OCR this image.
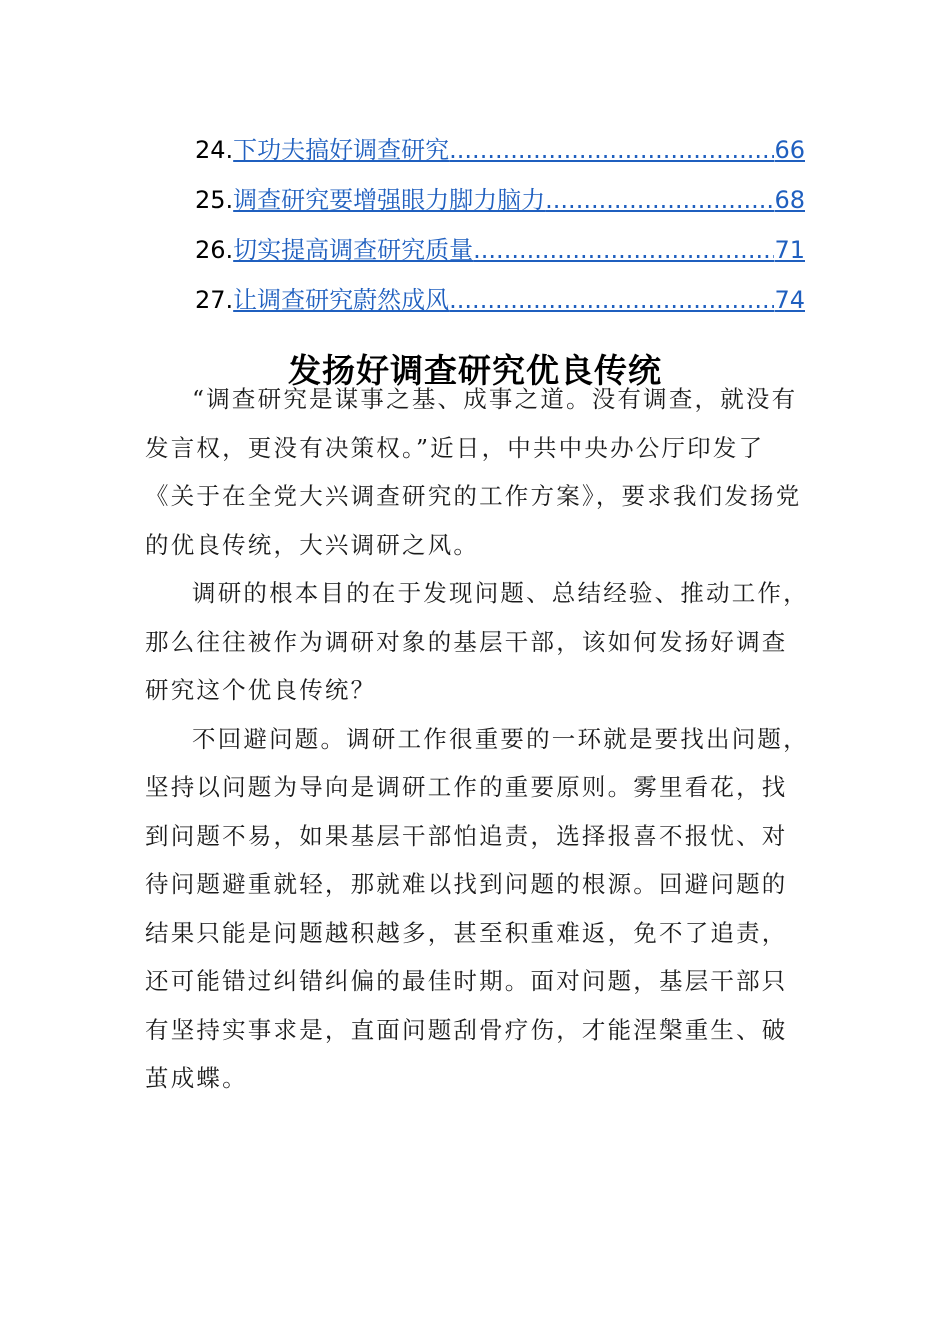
24. 下功夫搞好调查研究 .....	66
25. 调查研究要增强眼力脚力脑力 .....	68
26. 切实提高调查研究质量 .....	71
27. 让调查研究蔚然成风 .....	74
发扬好调查研究优良传统

“调查研究是谋事之基、成事之道。没有调查，就没有发言权，更没有决策权。”近日，中共中央办公厅印发了《关于在全党大兴调查研究的工作方案》，要求我们发扬党的优良传统，大兴调研之风。

调研的根本目的在于发现问题、总结经验、推动工作，那么往往被作为调研对象的基层干部，该如何发扬好调查研究这个优良传统？

不回避问题。调研工作很重要的一环就是要找出问题，坚持以问题为导向是调研工作的重要原则。雾里看花，找到问题不易，如果基层干部怕追责，选择报喜不报忧、对待问题避重就轻，那就难以找到问题的根源。回避问题的结果只能是问题越积越多，甚至积重难返，免不了追责，还可能错过纠错纠偏的最佳时期。面对问题，基层干部只有坚持实事求是，直面问题刮骨疗伤，才能涅槃重生、破茧成蝶。
